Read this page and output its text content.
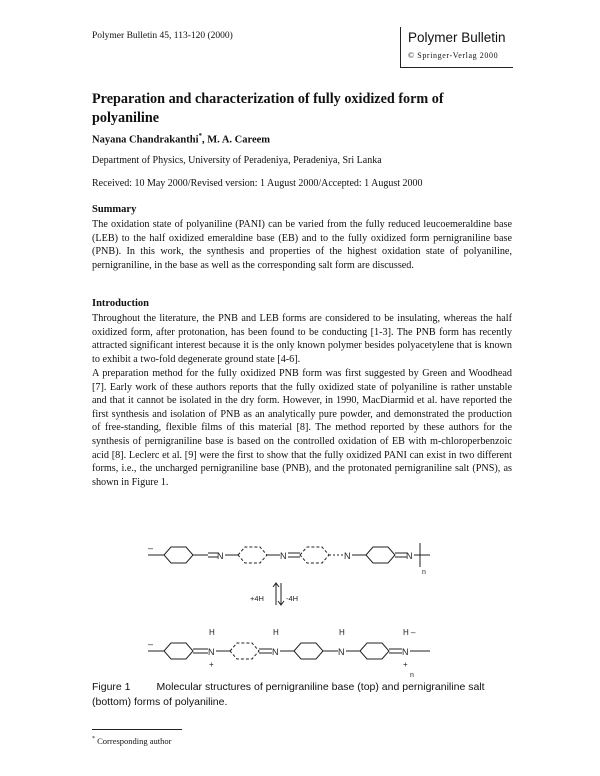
Polymer Bulletin 45, 113-120 (2000)	Polymer Bulletin
© Springer-Verlag 2000
Preparation and characterization of fully oxidized form of polyaniline
Nayana Chandrakanthi*, M. A. Careem
Department of Physics, University of Peradeniya, Peradeniya, Sri Lanka
Received: 10 May 2000/Revised version: 1 August 2000/Accepted: 1 August 2000
Summary

The oxidation state of polyaniline (PANI) can be varied from the fully reduced leucoemeraldine base (LEB) to the half oxidized emeraldine base (EB) and to the fully oxidized form pernigraniline base (PNB). In this work, the synthesis and properties of the highest oxidation state of polyaniline, pernigraniline, in the base as well as the corresponding salt form are discussed.

Introduction

Throughout the literature, the PNB and LEB forms are considered to be insulating, whereas the half oxidized form, after protonation, has been found to be conducting [1-3]. The PNB form has recently attracted significant interest because it is the only known polymer besides polyacetylene that is known to exhibit a two-fold degenerate ground state [4-6].

A preparation method for the fully oxidized PNB form was first suggested by Green and Woodhead [7]. Early work of these authors reports that the fully oxidized state of polyaniline is rather unstable and that it cannot be isolated in the dry form. However, in 1990, MacDiarmid et al. have reported the first synthesis and isolation of PNB as an analytically pure powder, and demonstrated the production of free-standing, flexible films of this material [8]. The method reported by these authors for the synthesis of pernigraniline base is based on the controlled oxidation of EB with m-chloroperbenzoic acid [8]. Leclerc et al. [9] were the first to show that the fully oxidized PANI can exist in two different forms, i.e., the uncharged pernigraniline base (PNB), and the protonated pernigraniline salt (PNS), as shown in Figure 1.

–
N	N	N	N
n
+4H	-4H
–
N
H
+
N
H
N
H
N
H –
+
n
Figure 1 Molecular structures of pernigraniline base (top) and pernigraniline salt (bottom) forms of polyaniline.
* Corresponding author
